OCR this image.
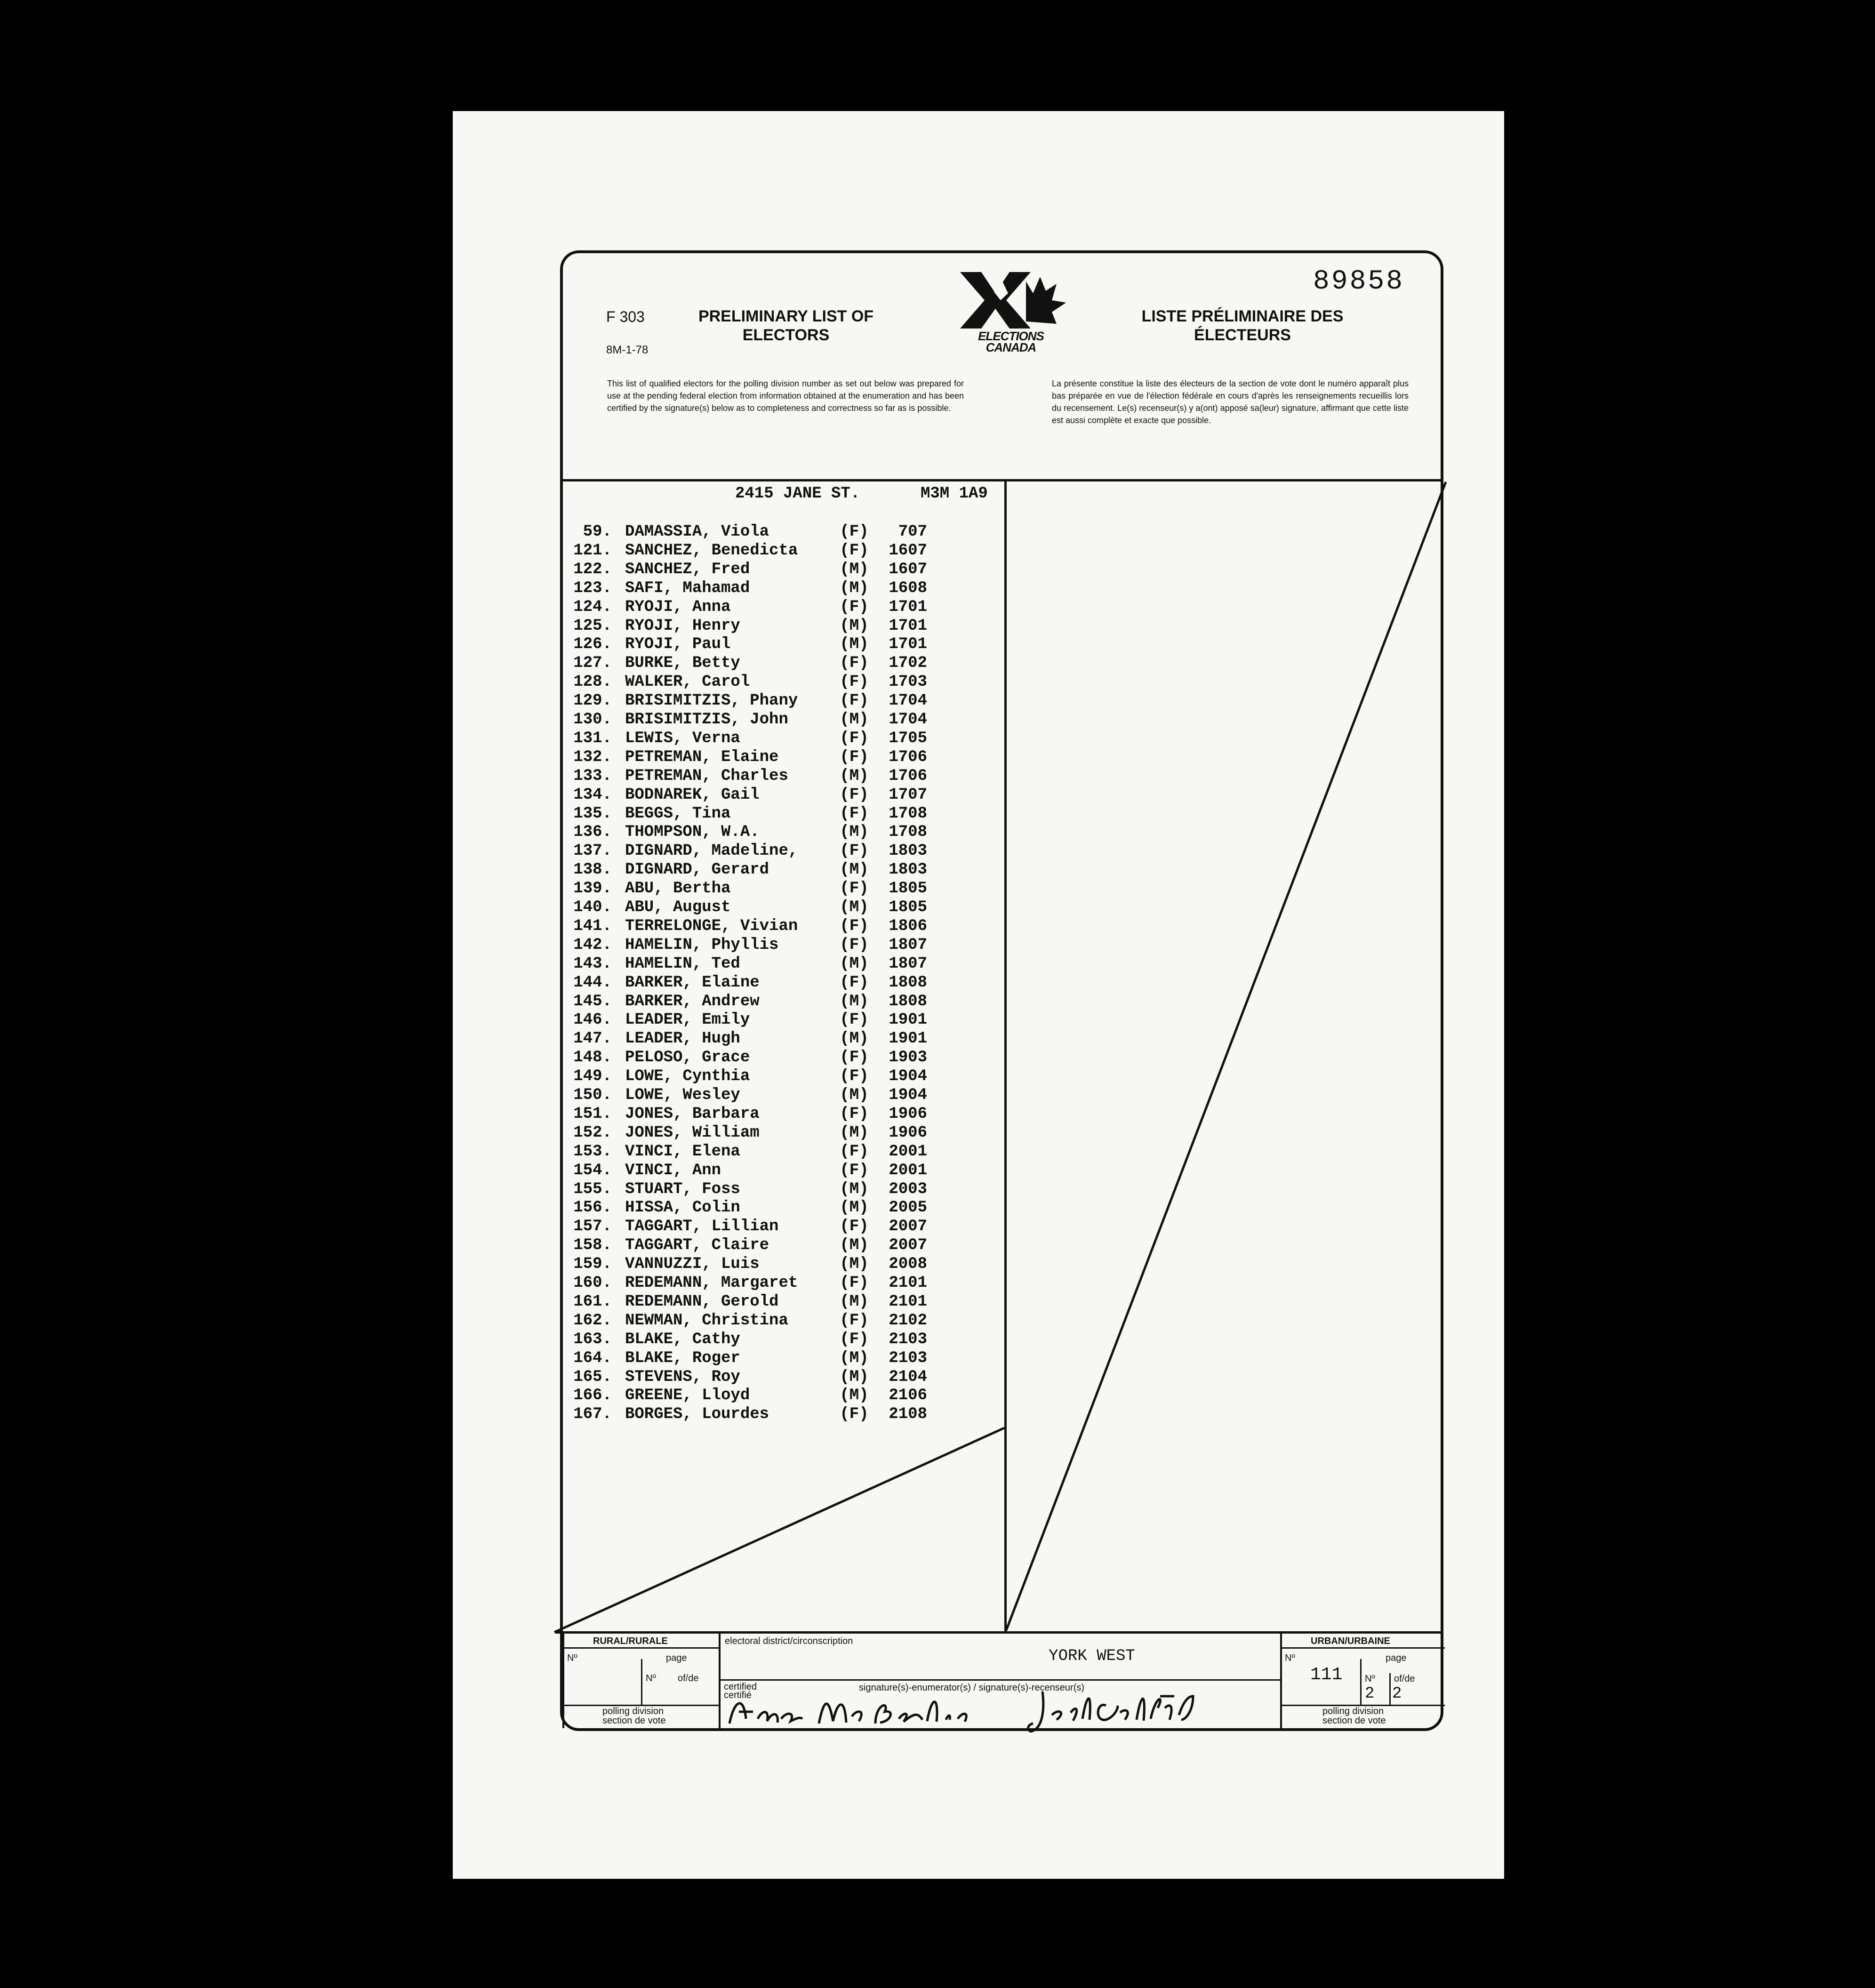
89858
F 303
8M-1-78
PRELIMINARY LIST OF
ELECTORS
LISTE PRÉLIMINAIRE DES
ÉLECTEURS
ELECTIONS
CANADA
This list of qualified electors for the polling division number as set out below was prepared for use at the pending federal election from information obtained at the enumeration and has been certified by the signature(s) below as to completeness and correctness so far as is possible.
La présente constitue la liste des électeurs de la section de vote dont le numéro apparaît plus bas préparée en vue de l'élection fédérale en cours d'après les renseignements recueillis lors du recensement. Le(s) recenseur(s) y a(ont) apposé sa(leur) signature, affirmant que cette liste est aussi complète et exacte que possible.
2415 JANE ST.	M3M 1A9
59. DAMASSIA, Viola	(F)	707
121. SANCHEZ, Benedicta	(F)	1607
122. SANCHEZ, Fred	(M)	1607
123. SAFI, Mahamad	(M)	1608
124. RYOJI, Anna	(F)	1701
125. RYOJI, Henry	(M)	1701
126. RYOJI, Paul	(M)	1701
127. BURKE, Betty	(F)	1702
128. WALKER, Carol	(F)	1703
129. BRISIMITZIS, Phany	(F)	1704
130. BRISIMITZIS, John	(M)	1704
131. LEWIS, Verna	(F)	1705
132. PETREMAN, Elaine	(F)	1706
133. PETREMAN, Charles	(M)	1706
134. BODNAREK, Gail	(F)	1707
135. BEGGS, Tina	(F)	1708
136. THOMPSON, W.A.	(M)	1708
137. DIGNARD, Madeline,	(F)	1803
138. DIGNARD, Gerard	(M)	1803
139. ABU, Bertha	(F)	1805
140. ABU, August	(M)	1805
141. TERRELONGE, Vivian	(F)	1806
142. HAMELIN, Phyllis	(F)	1807
143. HAMELIN, Ted	(M)	1807
144. BARKER, Elaine	(F)	1808
145. BARKER, Andrew	(M)	1808
146. LEADER, Emily	(F)	1901
147. LEADER, Hugh	(M)	1901
148. PELOSO, Grace	(F)	1903
149. LOWE, Cynthia	(F)	1904
150. LOWE, Wesley	(M)	1904
151. JONES, Barbara	(F)	1906
152. JONES, William	(M)	1906
153. VINCI, Elena	(F)	2001
154. VINCI, Ann	(F)	2001
155. STUART, Foss	(M)	2003
156. HISSA, Colin	(M)	2005
157. TAGGART, Lillian	(F)	2007
158. TAGGART, Claire	(M)	2007
159. VANNUZZI, Luis	(M)	2008
160. REDEMANN, Margaret	(F)	2101
161. REDEMANN, Gerold	(M)	2101
162. NEWMAN, Christina	(F)	2102
163. BLAKE, Cathy	(F)	2103
164. BLAKE, Roger	(M)	2103
165. STEVENS, Roy	(M)	2104
166. GREENE, Lloyd	(M)	2106
167. BORGES, Lourdes	(F)	2108
RURAL/RURALE	URBAN/URBAINE
Nº	page
Nº of/de
polling division
section de vote
electoral district/circonscription
YORK WEST
certified
certifié
signature(s)-enumerator(s) / signature(s)-recenseur(s)
Nº	page
Nº of/de
111
2 2
polling division
section de vote
